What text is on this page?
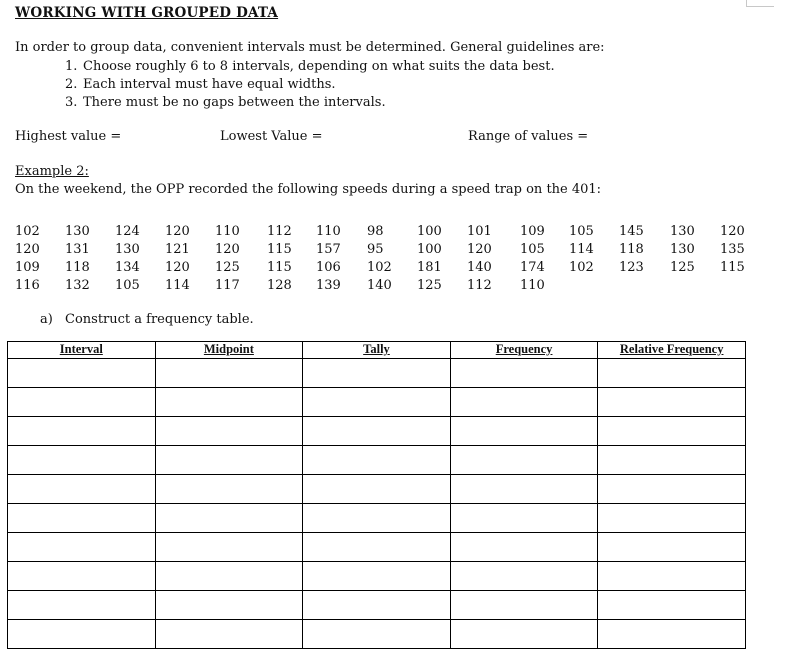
WORKING WITH GROUPED DATA
In order to group data, convenient intervals must be determined. General guidelines are:
1. Choose roughly 6 to 8 intervals, depending on what suits the data best.
2. Each interval must have equal widths.
3. There must be no gaps between the intervals.
Highest value =	Lowest Value =	Range of values =
Example 2:
On the weekend, the OPP recorded the following speeds during a speed trap on the 401:
102 130 124 120 110 112 110 98	100 101 109 105 145 130 120
120 131 130 121 120 115 157 95	100 120 105 114 118 130 135
109 118 134 120 125 115 106 102 181 140 174 102 123 125 115
116 132 105 114 117 128 139 140 125 112 110
a) Construct a frequency table.
Interval	Midpoint	Tally	Frequency	Relative Frequency
